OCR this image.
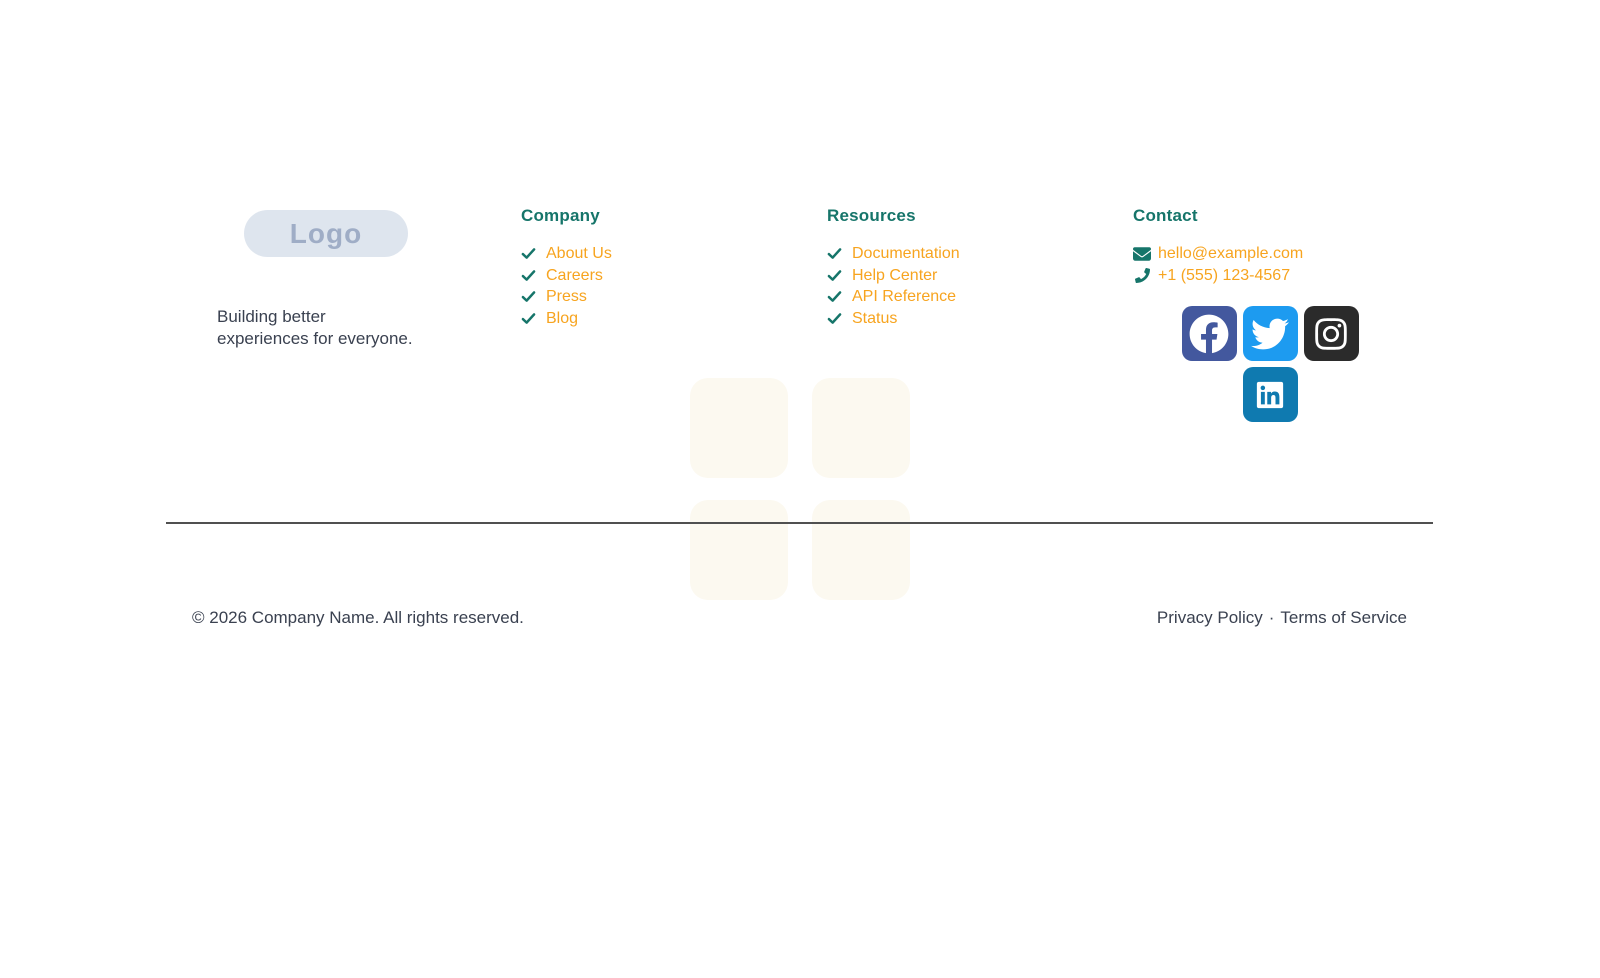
Logo

Building better experiences for everyone.

Company
About Us
Careers
Press
Blog
Resources
Documentation
Help Center
API Reference
Status
Contact
hello@example.com
+1 (555) 123-4567
© 2026 Company Name. All rights reserved.	Privacy Policy · Terms of Service
